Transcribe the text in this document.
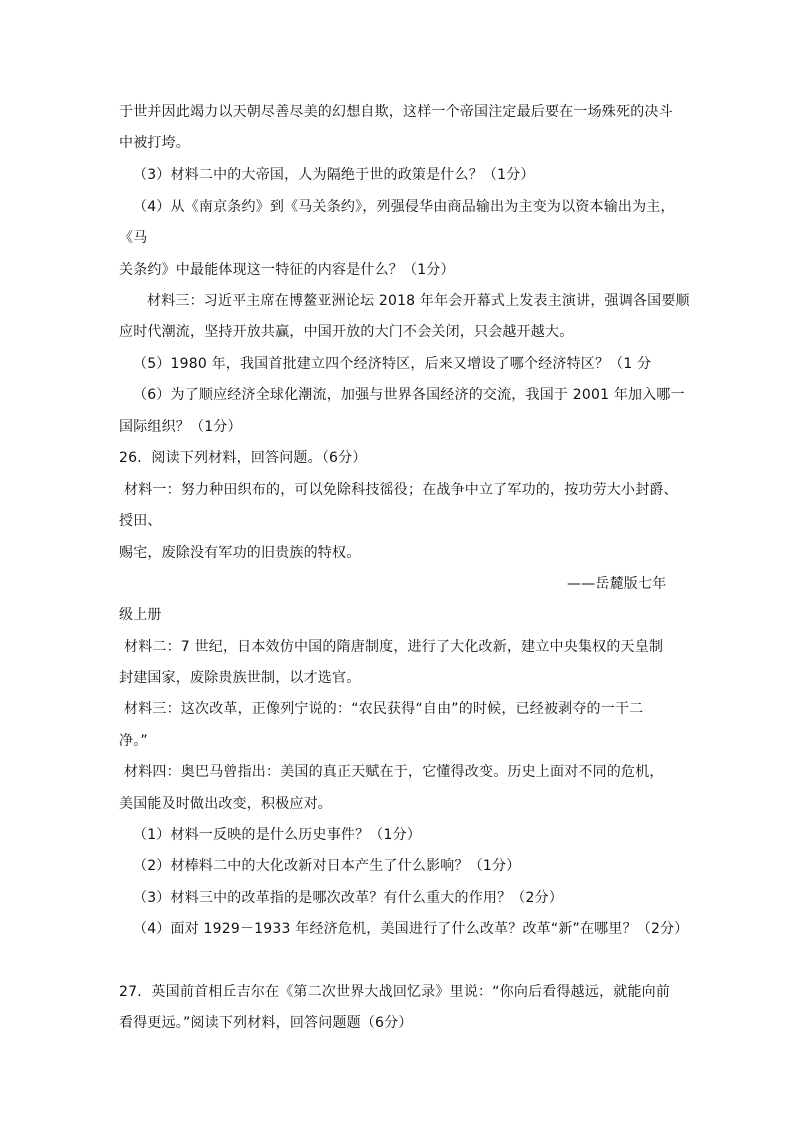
于世并因此竭力以天朝尽善尽美的幻想自欺，这样一个帝国注定最后要在一场殊死的决斗
中被打垮。
（3）材料二中的大帝国，人为隔绝于世的政策是什么？（1分）
（4）从《南京条约》到《马关条约》，列强侵华由商品输出为主变为以资本输出为主，
《马
关条约》中最能体现这一特征的内容是什么？（1分）
材料三：习近平主席在博鳌亚洲论坛 2018 年年会开幕式上发表主演讲，强调各国要顺
应时代潮流，坚持开放共赢，中国开放的大门不会关闭，只会越开越大。
（5）1980 年，我国首批建立四个经济特区，后来又增设了哪个经济特区？（1 分
（6）为了顺应经济全球化潮流，加强与世界各国经济的交流，我国于 2001 年加入哪一
国际组织？（1分）
26．阅读下列材料，回答问题。（6分）
材料一：努力种田织布的，可以免除科技徭役；在战争中立了军功的，按功劳大小封爵、
授田、
赐宅，废除没有军功的旧贵族的特权。
——岳麓版七年
级上册
材料二：7 世纪，日本效仿中国的隋唐制度，进行了大化改新，建立中央集权的天皇制
封建国家，废除贵族世制，以才选官。
材料三：这次改革，正像列宁说的：“农民获得“自由”的时候，已经被剥夺的一干二
净。”
材料四：奥巴马曾指出：美国的真正天赋在于，它懂得改变。历史上面对不同的危机，
美国能及时做出改变，积极应对。
（1）材料一反映的是什么历史事件？（1分）
（2）材棒料二中的大化改新对日本产生了什么影响？（1分）
（3）材料三中的改革指的是哪次改革？有什么重大的作用？（2分）
（4）面对 1929－1933 年经济危机，美国进行了什么改革？改革“新”在哪里？（2分）
27．英国前首相丘吉尔在《第二次世界大战回忆录》里说：“你向后看得越远，就能向前
看得更远。”阅读下列材料，回答问题题（6分）
